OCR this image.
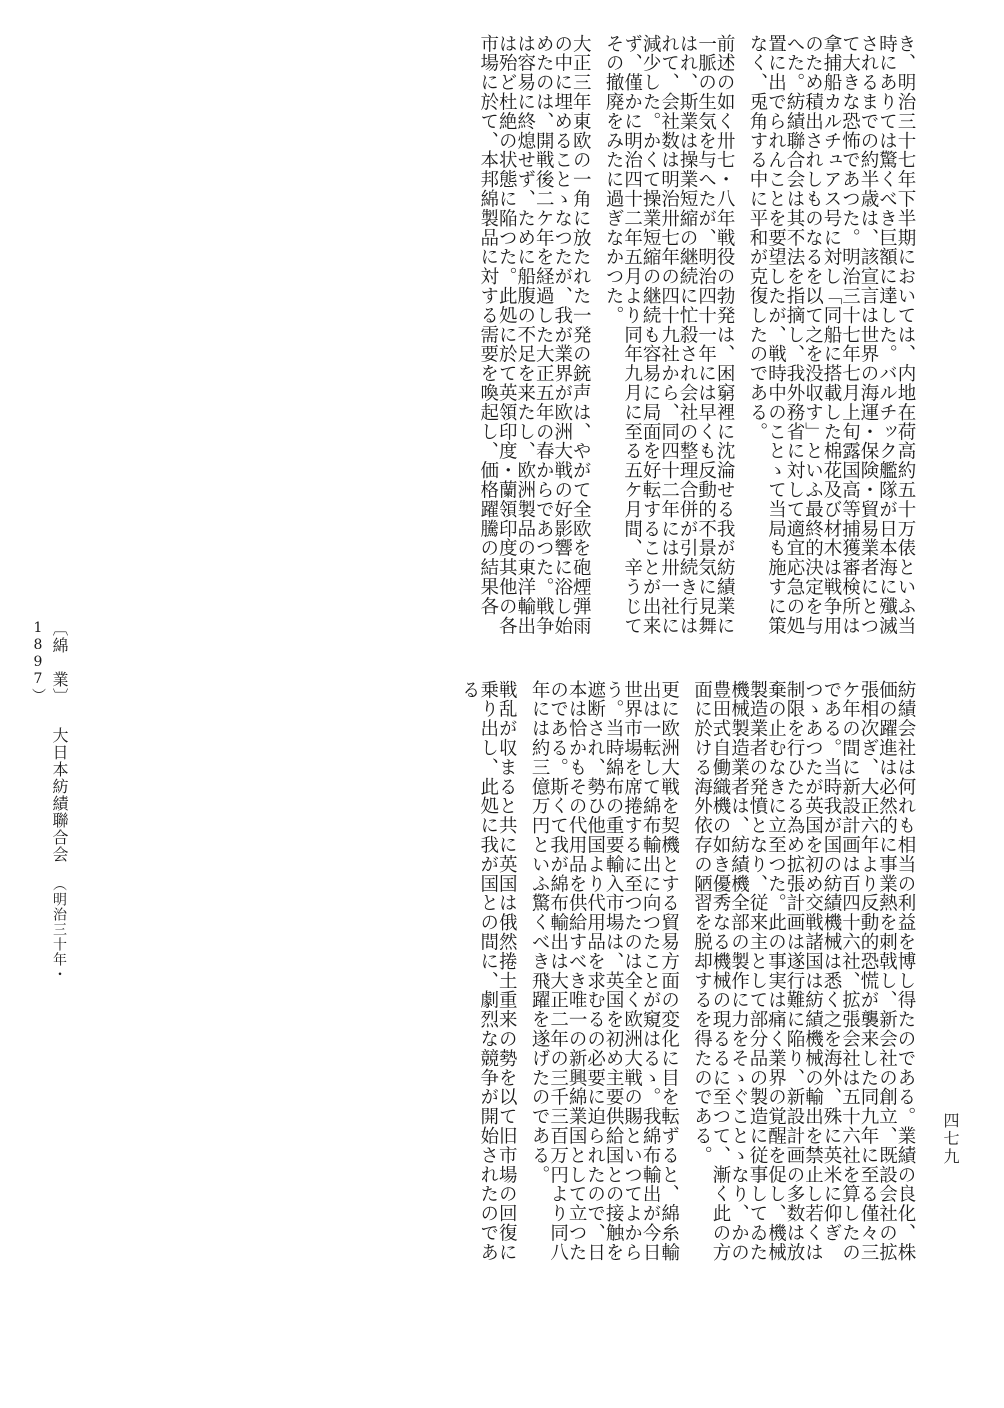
き、明治三十七年下半期においては、内地在荷高約五十万俵といふ当時にありては驚くべき巨額に達した。バルチック艦隊が日本海に殲滅されるまでの約半歳は、該宣言は世界の海運・保険・貿易業者にとつて大きな恐怖であつた。明治三十七年七月上旬露国高等捕獲審検所は拿捕船カルチュアス号に対し「同船に搭載した棉花及び材木は戦争用のため積出されしものなるを以て之を没収す」といふ最終的決定を与へた。紡績聯合会は其不法を指摘し、我外務省に対して適宜応急の処置に出でられんことを要望したが、戦時中のことゝて当局も施すに策なく、兎角する中に平和が克復したのである。

前述の如く卅七・八年戦役の勃発は、困窮裡に沈淪せる我が紡績業に一脈の生気を与へたが、明治四十一年には早くも反動的不景気に見舞はれ、斯業は操業短縮の継続に忙殺され会社の整理合併が引続き行はれて、会社数は明治卅七年の四十九社から、同四十二年には卅一社に減少した。かくて操業短縮の継続も容易に局面を好転することが出来ず、僅かに明治四十二年五月より同年九月に至る五ケ月間、辛うじてその撤廃をみたに過ぎなかつた。

大正三年東欧の一角に放たれた一発の銃声は、やがて全欧を砲煙弾雨の中に埋めることゝなつたが、我が業界が欧洲大戦の好影響に浴し始めたのは、開戦後二ケ年を経過した大正五年の春からであつた。戦争は容易に終熄せず、ために船腹の不足を来たし、欧洲製品の東洋輸出は殆ど杜絶の状態に陥つた。此処に於て英領印度・蘭領印度其他の各市場に於て、本邦綿製品に対する需要を喚起し、価格躍騰の結果各

紡績会社は何れも相当の利益を博し得たのである。業績の良化、株価の躍進は必然的に事業熱を刺戟し、新会社の創立、既設会社の拡張相次ぎ、大正六年より反動的恐慌が襲来した同九年に至る僅々三ケ年の間に新設計画は百四十六社、拡張会社は五十六社を算したのである。当時我が国の紡績機械は悉く之を海外、殊に英米に仰ぎつゝあつたが英国を初め交戦諸国は紡績機械の輸出を禁止し若くは制限を行ひたる為め拡張計画は遂行難に陥り、新設計画の多数は放棄の止むなきに立至つた。此の事実は痛く業界の覚醒を促し、機械製造業者の発憤となり、従来主として部分品の製造に従事してゐた機械製造業者は、紡績機全部の製作に力をそゝぐことゝなり、かの豊田式自働織機の如き優秀なる機械の現るるに至つて、漸く此の方面に於ける海外依存の陋習を脱却するを得たのである。

更に欧洲大戦を契機とする貿易方面の変化に目を転ずると、綿糸輸出は一転して綿布輸出に向つたことが窺はるゝ。我綿布輸出が今日世界市場を席捲するに至つたのは全く欧洲大戦の賜といつてよからう。当時綿布の重要輸入市場は、英国を初め主要供給国との接触を遮断され、勢ひ他国より代用品を求むるの必要に迫られたので、日本は恰かもその代用品を供給すべき唯一の新興綿業国として立つたのである。斯くて我が綿布輸出は大正二年の三千三百万円より同八年には約三億万円といふ驚くべき飛躍を遂げたのである。

戦乱が収まると共に英国は俄然捲土重来の勢を以て旧市場の回復に乗り出し、此処に我が国との間に、劇烈な競争が開始されたのである

〔綿　業〕大日本紡績聯合会（明治三十年・1897）
四七九
